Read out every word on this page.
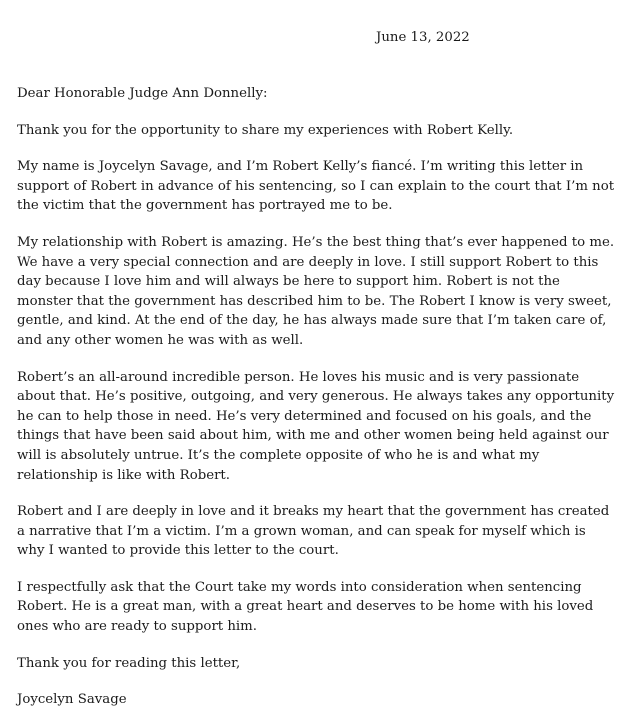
June 13, 2022

Dear Honorable Judge Ann Donnelly:

Thank you for the opportunity to share my experiences with Robert Kelly.

My name is Joycelyn Savage, and I’m Robert Kelly’s fiancé. I’m writing this letter in support of Robert in advance of his sentencing, so I can explain to the court that I’m not the victim that the government has portrayed me to be.

My relationship with Robert is amazing. He’s the best thing that’s ever happened to me. We have a very special connection and are deeply in love. I still support Robert to this day because I love him and will always be here to support him. Robert is not the monster that the government has described him to be. The Robert I know is very sweet, gentle, and kind. At the end of the day, he has always made sure that I’m taken care of, and any other women he was with as well.

Robert’s an all-around incredible person. He loves his music and is very passionate about that. He’s positive, outgoing, and very generous. He always takes any opportunity he can to help those in need. He’s very determined and focused on his goals, and the things that have been said about him, with me and other women being held against our will is absolutely untrue. It’s the complete opposite of who he is and what my relationship is like with Robert.

Robert and I are deeply in love and it breaks my heart that the government has created a narrative that I’m a victim. I’m a grown woman, and can speak for myself which is why I wanted to provide this letter to the court.

I respectfully ask that the Court take my words into consideration when sentencing Robert. He is a great man, with a great heart and deserves to be home with his loved ones who are ready to support him.

Thank you for reading this letter,

Joycelyn Savage
